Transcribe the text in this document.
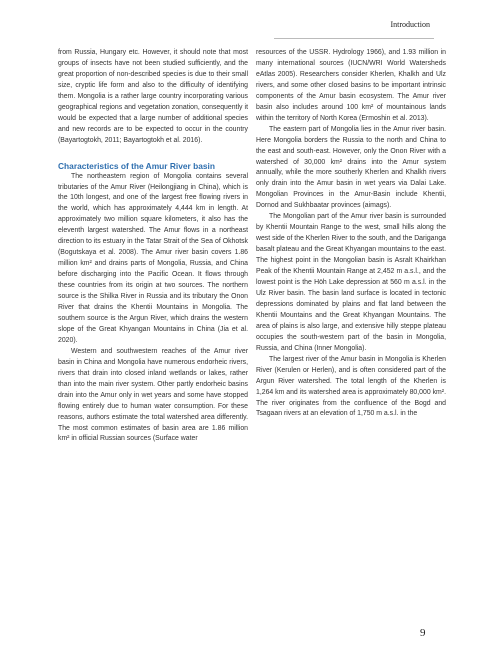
Introduction

from Russia, Hungary etc. However, it should note that most groups of insects have not been studied sufficiently, and the great proportion of non-described species is due to their small size, cryptic life form and also to the difficulty of identifying them. Mongolia is a rather large country incorporating various geographical regions and vegetation zonation, consequently it would be expected that a large number of additional species and new records are to be expected to occur in the country (Bayartogtokh, 2011; Bayartogtokh et al. 2016).

Characteristics of the Amur River basin

The northeastern region of Mongolia contains several tributaries of the Amur River (Heilongjiang in China), which is the 10th longest, and one of the largest free flowing rivers in the world, which has approximately 4,444 km in length. At approximately two million square kilometers, it also has the eleventh largest watershed. The Amur flows in a northeast direction to its estuary in the Tatar Strait of the Sea of Okhotsk (Bogutskaya et al. 2008). The Amur river basin covers 1.86 million km² and drains parts of Mongolia, Russia, and China before discharging into the Pacific Ocean. It flows through these countries from its origin at two sources. The northern source is the Shilka River in Russia and its tributary the Onon River that drains the Khentii Mountains in Mongolia. The southern source is the Argun River, which drains the western slope of the Great Khyangan Mountains in China (Jia et al. 2020).

Western and southwestern reaches of the Amur river basin in China and Mongolia have numerous endorheic rivers, rivers that drain into closed inland wetlands or lakes, rather than into the main river system. Other partly endorheic basins drain into the Amur only in wet years and some have stopped flowing entirely due to human water consumption. For these reasons, authors estimate the total watershed area differently. The most common estimates of basin area are 1.86 million km² in official Russian sources (Surface water

resources of the USSR. Hydrology 1966), and 1.93 million in many international sources (IUCN/WRI World Watersheds eAtlas 2005). Researchers consider Kherlen, Khalkh and Ulz rivers, and some other closed basins to be important intrinsic components of the Amur basin ecosystem. The Amur river basin also includes around 100 km² of mountainous lands within the territory of North Korea (Ermoshin et al. 2013).

The eastern part of Mongolia lies in the Amur river basin. Here Mongolia borders the Russia to the north and China to the east and south-east. However, only the Onon River with a watershed of 30,000 km² drains into the Amur system annually, while the more southerly Kherlen and Khalkh rivers only drain into the Amur basin in wet years via Dalai Lake. Mongolian Provinces in the Amur-Basin include Khentii, Dornod and Sukhbaatar provinces (aimags).

The Mongolian part of the Amur river basin is surrounded by Khentii Mountain Range to the west, small hills along the west side of the Kherlen River to the south, and the Dariganga basalt plateau and the Great Khyangan mountains to the east. The highest point in the Mongolian basin is Asralt Khairkhan Peak of the Khentii Mountain Range at 2,452 m a.s.l., and the lowest point is the Höh Lake depression at 560 m a.s.l. in the Ulz River basin. The basin land surface is located in tectonic depressions dominated by plains and flat land between the Khentii Mountains and the Great Khyangan Mountains. The area of plains is also large, and extensive hilly steppe plateau occupies the south-western part of the basin in Mongolia, Russia, and China (Inner Mongolia).

The largest river of the Amur basin in Mongolia is Kherlen River (Kerulen or Herlen), and is often considered part of the Argun River watershed. The total length of the Kherlen is 1,264 km and its watershed area is approximately 80,000 km². The river originates from the confluence of the Bogd and Tsagaan rivers at an elevation of 1,750 m a.s.l. in the

9
